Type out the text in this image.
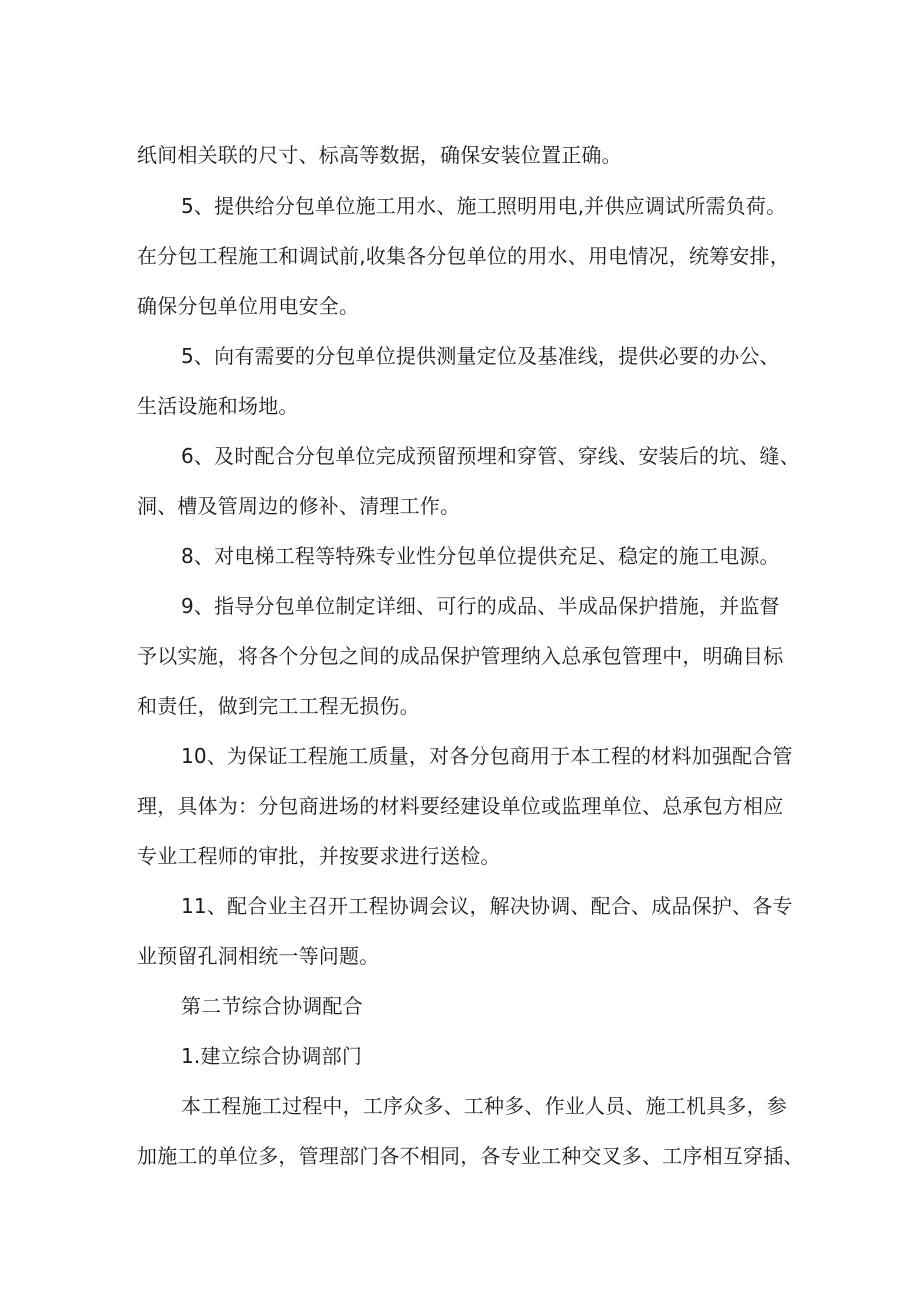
纸间相关联的尺寸、标高等数据，确保安装位置正确。
5、提供给分包单位施工用水、施工照明用电,并供应调试所需负荷。
在分包工程施工和调试前,收集各分包单位的用水、用电情况，统筹安排，
确保分包单位用电安全。
5、向有需要的分包单位提供测量定位及基准线，提供必要的办公、
生活设施和场地。
6、及时配合分包单位完成预留预埋和穿管、穿线、安装后的坑、缝、
洞、槽及管周边的修补、清理工作。
8、对电梯工程等特殊专业性分包单位提供充足、稳定的施工电源。
9、指导分包单位制定详细、可行的成品、半成品保护措施，并监督
予以实施，将各个分包之间的成品保护管理纳入总承包管理中，明确目标
和责任，做到完工工程无损伤。
10、为保证工程施工质量，对各分包商用于本工程的材料加强配合管
理，具体为：分包商进场的材料要经建设单位或监理单位、总承包方相应
专业工程师的审批，并按要求进行送检。
11、配合业主召开工程协调会议，解决协调、配合、成品保护、各专
业预留孔洞相统一等问题。
第二节综合协调配合
1.建立综合协调部门
本工程施工过程中，工序众多、工种多、作业人员、施工机具多，参
加施工的单位多，管理部门各不相同，各专业工种交叉多、工序相互穿插、
